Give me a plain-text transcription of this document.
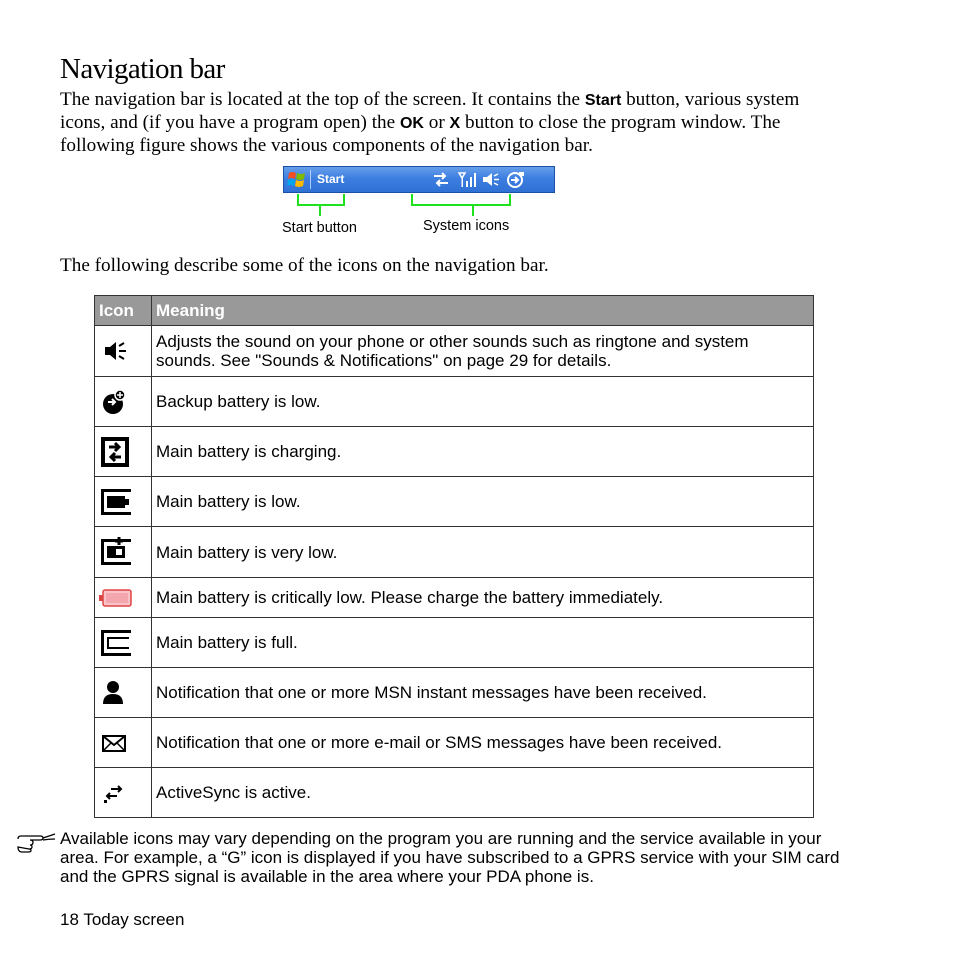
Navigation bar
The navigation bar is located at the top of the screen. It contains the Start button, various system icons, and (if you have a program open) the OK or X button to close the program window. The following figure shows the various components of the navigation bar.
Start
Start button	System icons
The following describe some of the icons on the navigation bar.
Icon	Meaning

	Adjusts the sound on your phone or other sounds such as ringtone and system sounds. See "Sounds & Notifications" on page 29 for details.

	Backup battery is low.

	Main battery is charging.

	Main battery is low.

	Main battery is very low.

	Main battery is critically low. Please charge the battery immediately.

	Main battery is full.

	Notification that one or more MSN instant messages have been received.

	Notification that one or more e-mail or SMS messages have been received.

	ActiveSync is active.
Available icons may vary depending on the program you are running and the service available in your area. For example, a “G” icon is displayed if you have subscribed to a GPRS service with your SIM card and the GPRS signal is available in the area where your PDA phone is.
18 Today screen
